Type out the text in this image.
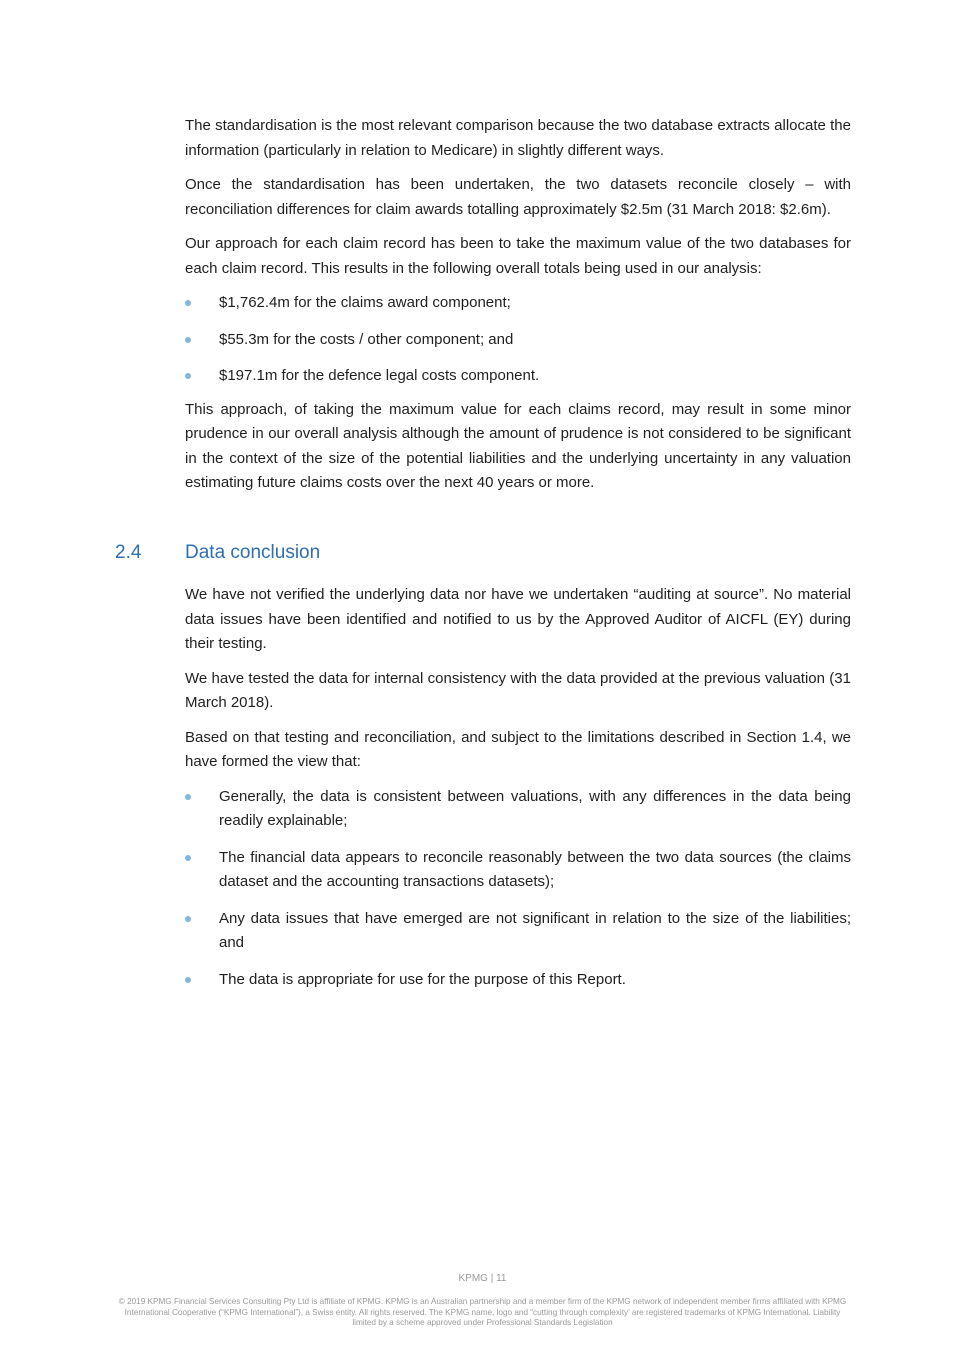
The standardisation is the most relevant comparison because the two database extracts allocate the information (particularly in relation to Medicare) in slightly different ways.

Once the standardisation has been undertaken, the two datasets reconcile closely – with reconciliation differences for claim awards totalling approximately $2.5m (31 March 2018: $2.6m).

Our approach for each claim record has been to take the maximum value of the two databases for each claim record. This results in the following overall totals being used in our analysis:

$1,762.4m for the claims award component;
$55.3m for the costs / other component; and
$197.1m for the defence legal costs component.

This approach, of taking the maximum value for each claims record, may result in some minor prudence in our overall analysis although the amount of prudence is not considered to be significant in the context of the size of the potential liabilities and the underlying uncertainty in any valuation estimating future claims costs over the next 40 years or more.

2.4 Data conclusion

We have not verified the underlying data nor have we undertaken “auditing at source”. No material data issues have been identified and notified to us by the Approved Auditor of AICFL (EY) during their testing.

We have tested the data for internal consistency with the data provided at the previous valuation (31 March 2018).

Based on that testing and reconciliation, and subject to the limitations described in Section 1.4, we have formed the view that:

Generally, the data is consistent between valuations, with any differences in the data being readily explainable;
The financial data appears to reconcile reasonably between the two data sources (the claims dataset and the accounting transactions datasets);
Any data issues that have emerged are not significant in relation to the size of the liabilities; and
The data is appropriate for use for the purpose of this Report.
KPMG | 11
© 2019 KPMG Financial Services Consulting Pty Ltd is affiliate of KPMG. KPMG is an Australian partnership and a member firm of the KPMG network of independent member firms affiliated with KPMG International Cooperative (“KPMG International”), a Swiss entity. All rights reserved. The KPMG name, logo and “cutting through complexity’ are registered trademarks of KPMG International. Liability limited by a scheme approved under Professional Standards Legislation
